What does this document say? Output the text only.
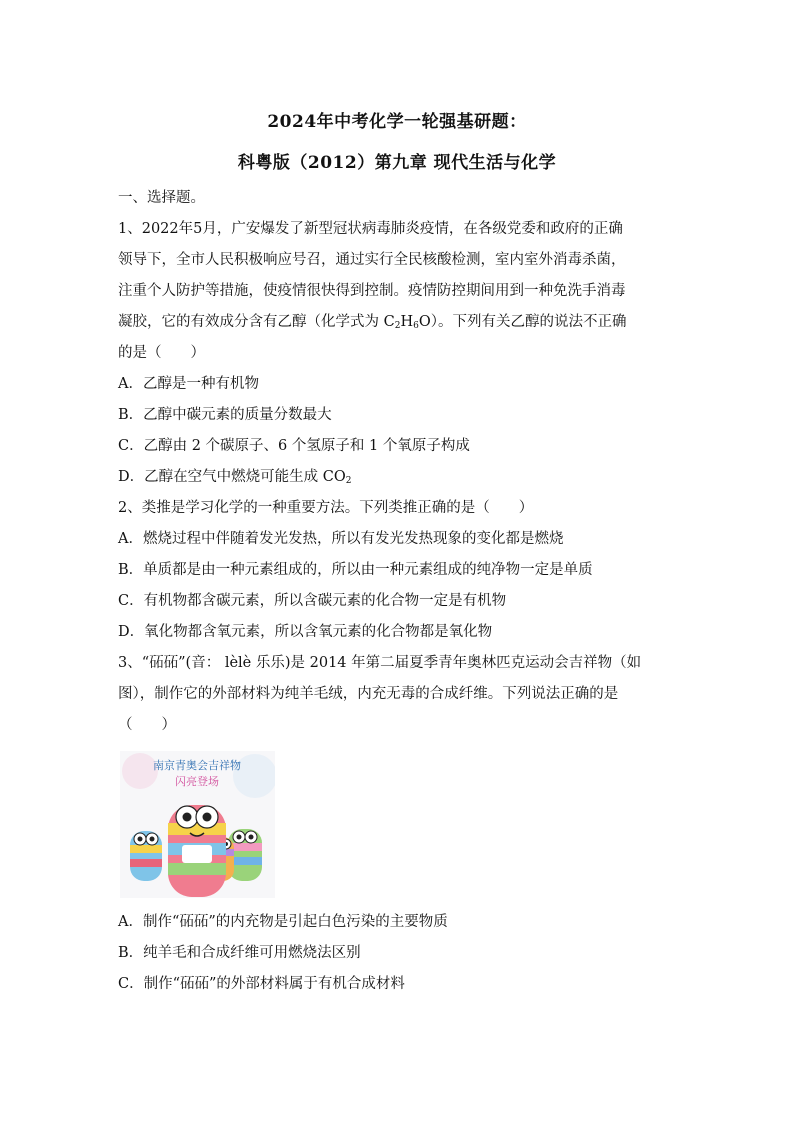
2024年中考化学一轮强基研题：
科粤版（2012）第九章 现代生活与化学
一、选择题。
1、2022年5月，广安爆发了新型冠状病毒肺炎疫情，在各级党委和政府的正确
领导下，全市人民积极响应号召，通过实行全民核酸检测，室内室外消毒杀菌，
注重个人防护等措施，使疫情很快得到控制。疫情防控期间用到一种免洗手消毒
凝胶，它的有效成分含有乙醇（化学式为 $C_2H_6O$）。下列有关乙醇的说法不正确
的是（　　）
A．乙醇是一种有机物
B．乙醇中碳元素的质量分数最大
C．乙醇由 2 个碳原子、6 个氢原子和 1 个氧原子构成
D．乙醇在空气中燃烧可能生成 $CO_2$
2、类推是学习化学的一种重要方法。下列类推正确的是（　　）
A．燃烧过程中伴随着发光发热，所以有发光发热现象的变化都是燃烧
B．单质都是由一种元素组成的，所以由一种元素组成的纯净物一定是单质
C．有机物都含碳元素，所以含碳元素的化合物一定是有机物
D．氧化物都含氧元素，所以含氧元素的化合物都是氧化物
3、“砳砳”(音： lèlè 乐乐)是 2014 年第二届夏季青年奥林匹克运动会吉祥物（如
图），制作它的外部材料为纯羊毛绒，内充无毒的合成纤维。下列说法正确的是
（　　）
南京青奥会吉祥物
闪亮登场
A．制作“砳砳”的内充物是引起白色污染的主要物质
B．纯羊毛和合成纤维可用燃烧法区别
C．制作“砳砳”的外部材料属于有机合成材料
